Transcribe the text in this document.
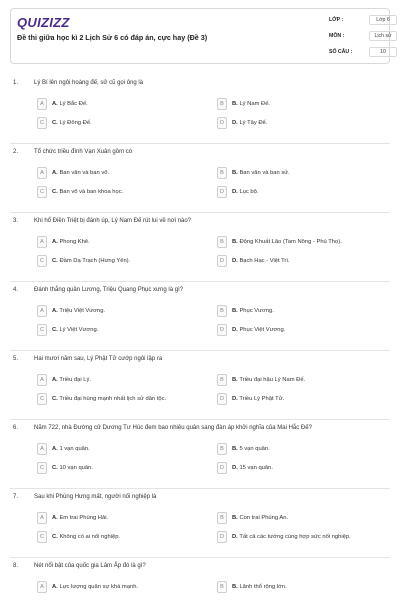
QUIZIZZ
Đề thi giữa học kì 2 Lịch Sử 6 có đáp án, cực hay (Đề 3)
LỚP :	Lớp 6
MÔN :	Lịch sử
SỐ CÂU :	10
1.	Lý Bí lên ngôi hoàng đế, sử cũ gọi ông là
A	A. Lý Bắc Đế.	B	B. Lý Nam Đế.
C	C. Lý Đông Đế.	D	D. Lý Tây Đế.
2.	Tổ chức triều đình Vạn Xuân gồm có
A	A. Ban văn và ban võ.	B	B. Ban văn và ban sử.
C	C. Ban võ và ban khoa học.	D	D. Lục bộ.
3.	Khi hổ Điền Triệt bị đánh úp, Lý Nam Đế rút lui về nơi nào?
A	A. Phong Khê.	B	B. Động Khuất Lão (Tam Nông - Phú Thọ).
C	C. Đầm Dạ Trạch (Hưng Yên).	D	D. Bạch Hạc - Việt Trì.
4.	Đánh thắng quân Lương, Triệu Quang Phục xưng là gì?
A	A. Triệu Việt Vương.	B	B. Phục Vương.
C	C. Lý Việt Vương.	D	D. Phục Việt Vương.
5.	Hai mươi năm sau, Lý Phật Tử cướp ngôi lập ra
A	A. Triều đại Lý.	B	B. Triều đại hậu Lý Nam Đế.
C	C. Triều đại hùng mạnh nhất lịch sử dân tộc.	D	D. Triều Lý Phật Tử.
6.	Năm 722, nhà Đường cử Dương Tư Húc đem bao nhiêu quân sang đàn áp khởi nghĩa của Mai Hắc Đế?
A	A. 1 vạn quân.	B	B. 5 vạn quân.
C	C. 10 vạn quân.	D	D. 15 vạn quân.
7.	Sau khi Phùng Hưng mất, người nối nghiệp là
A	A. Em trai Phùng Hải.	B	B. Con trai Phùng An.
C	C. Không có ai nối nghiệp.	D	D. Tất cả các tướng cùng hợp sức nối nghiệp.
8.	Nét nổi bật của quốc gia Lâm Ấp đó là gì?
A	A. Lực lượng quân sự khá mạnh.	B	B. Lãnh thổ rộng lớn.
